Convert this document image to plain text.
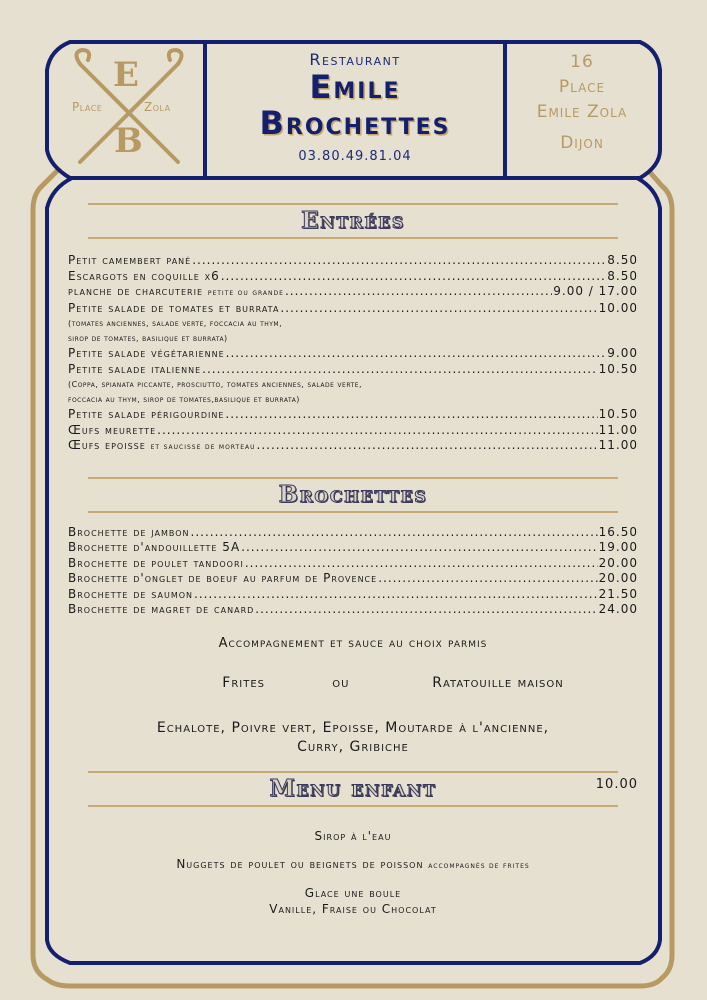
E
B
Place	Zola
Restaurant
Emile
Brochettes
03.80.49.81.04
16
Place
Emile Zola
Dijon
Entrées
Petit camembert pané .....	8.50
Escargots en coquille x6 .....	8.50
planche de charcuterie petite ou grande .....	9.00 / 17.00
Petite salade de tomates et burrata .....	10.00
(tomates anciennes, salade verte, foccacia au thym,
sirop de tomates, basilique et burrata)
Petite salade végétarienne .....	9.00
Petite salade italienne .....	10.50
(Coppa, spianata piccante, prosciutto, tomates anciennes, salade verte,
foccacia au thym, sirop de tomates,basilique et burrata)
Petite salade périgourdine .....	10.50
Œufs meurette .....	11.00
Œufs epoisse et saucisse de morteau .....	11.00
Brochettes
Brochette de jambon .....	16.50
Brochette d'andouillette 5A .....	19.00
Brochette de poulet tandoori .....	20.00
Brochette d'onglet de boeuf au parfum de Provence .....	20.00
Brochette de saumon .....	21.50
Brochette de magret de canard .....	24.00
Accompagnement et sauce au choix parmis
Frites	ou	Ratatouille maison
Echalote, Poivre vert, Epoisse, Moutarde à l'ancienne,
Curry, Gribiche
Menu enfant	10.00
Sirop à l'eau
Nuggets de poulet ou beignets de poisson accompagnés de frites
Glace une boule
Vanille, Fraise ou Chocolat
